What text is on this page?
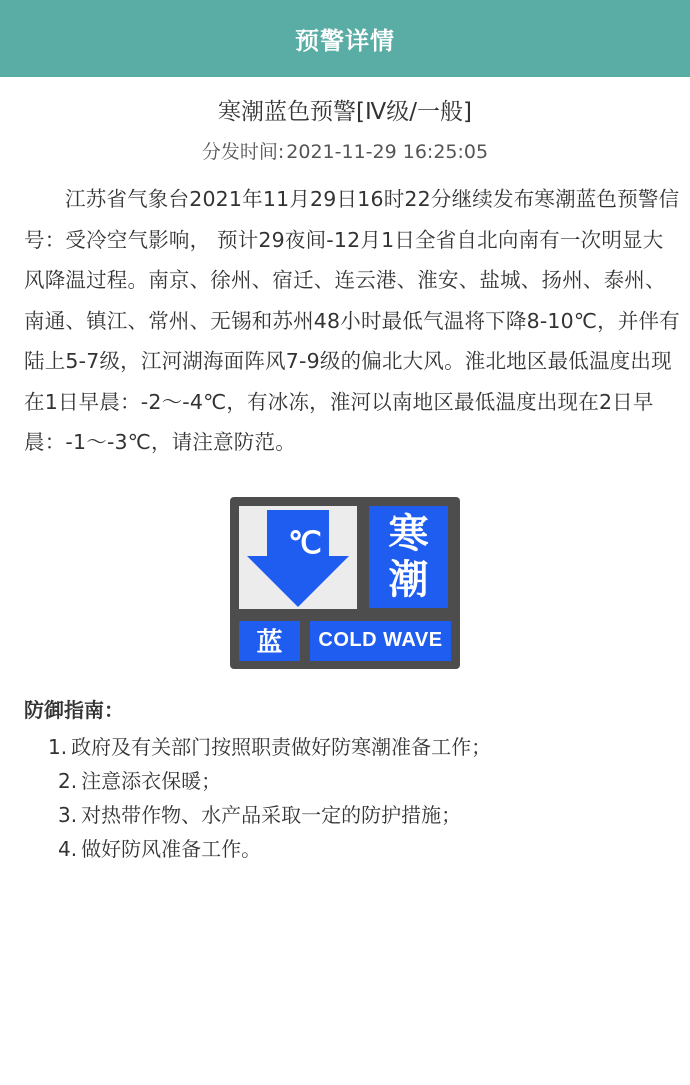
预警详情
寒潮蓝色预警[Ⅳ级/一般]
分发时间: 2021-11-29 16:25:05
江苏省气象台2021年11月29日16时22分继续发布寒潮蓝色预警信号：受冷空气影响， 预计29夜间-12月1日全省自北向南有一次明显大风降温过程。南京、徐州、宿迁、连云港、淮安、盐城、扬州、泰州、南通、镇江、常州、无锡和苏州48小时最低气温将下降8-10℃，并伴有陆上5-7级，江河湖海面阵风7-9级的偏北大风。淮北地区最低温度出现在1日早晨：-2～-4℃，有冰冻，淮河以南地区最低温度出现在2日早晨：-1～-3℃，请注意防范。
℃	寒
潮
蓝	COLD WAVE
防御指南：
1. 政府及有关部门按照职责做好防寒潮准备工作；
2. 注意添衣保暖；
3. 对热带作物、水产品采取一定的防护措施；
4. 做好防风准备工作。
